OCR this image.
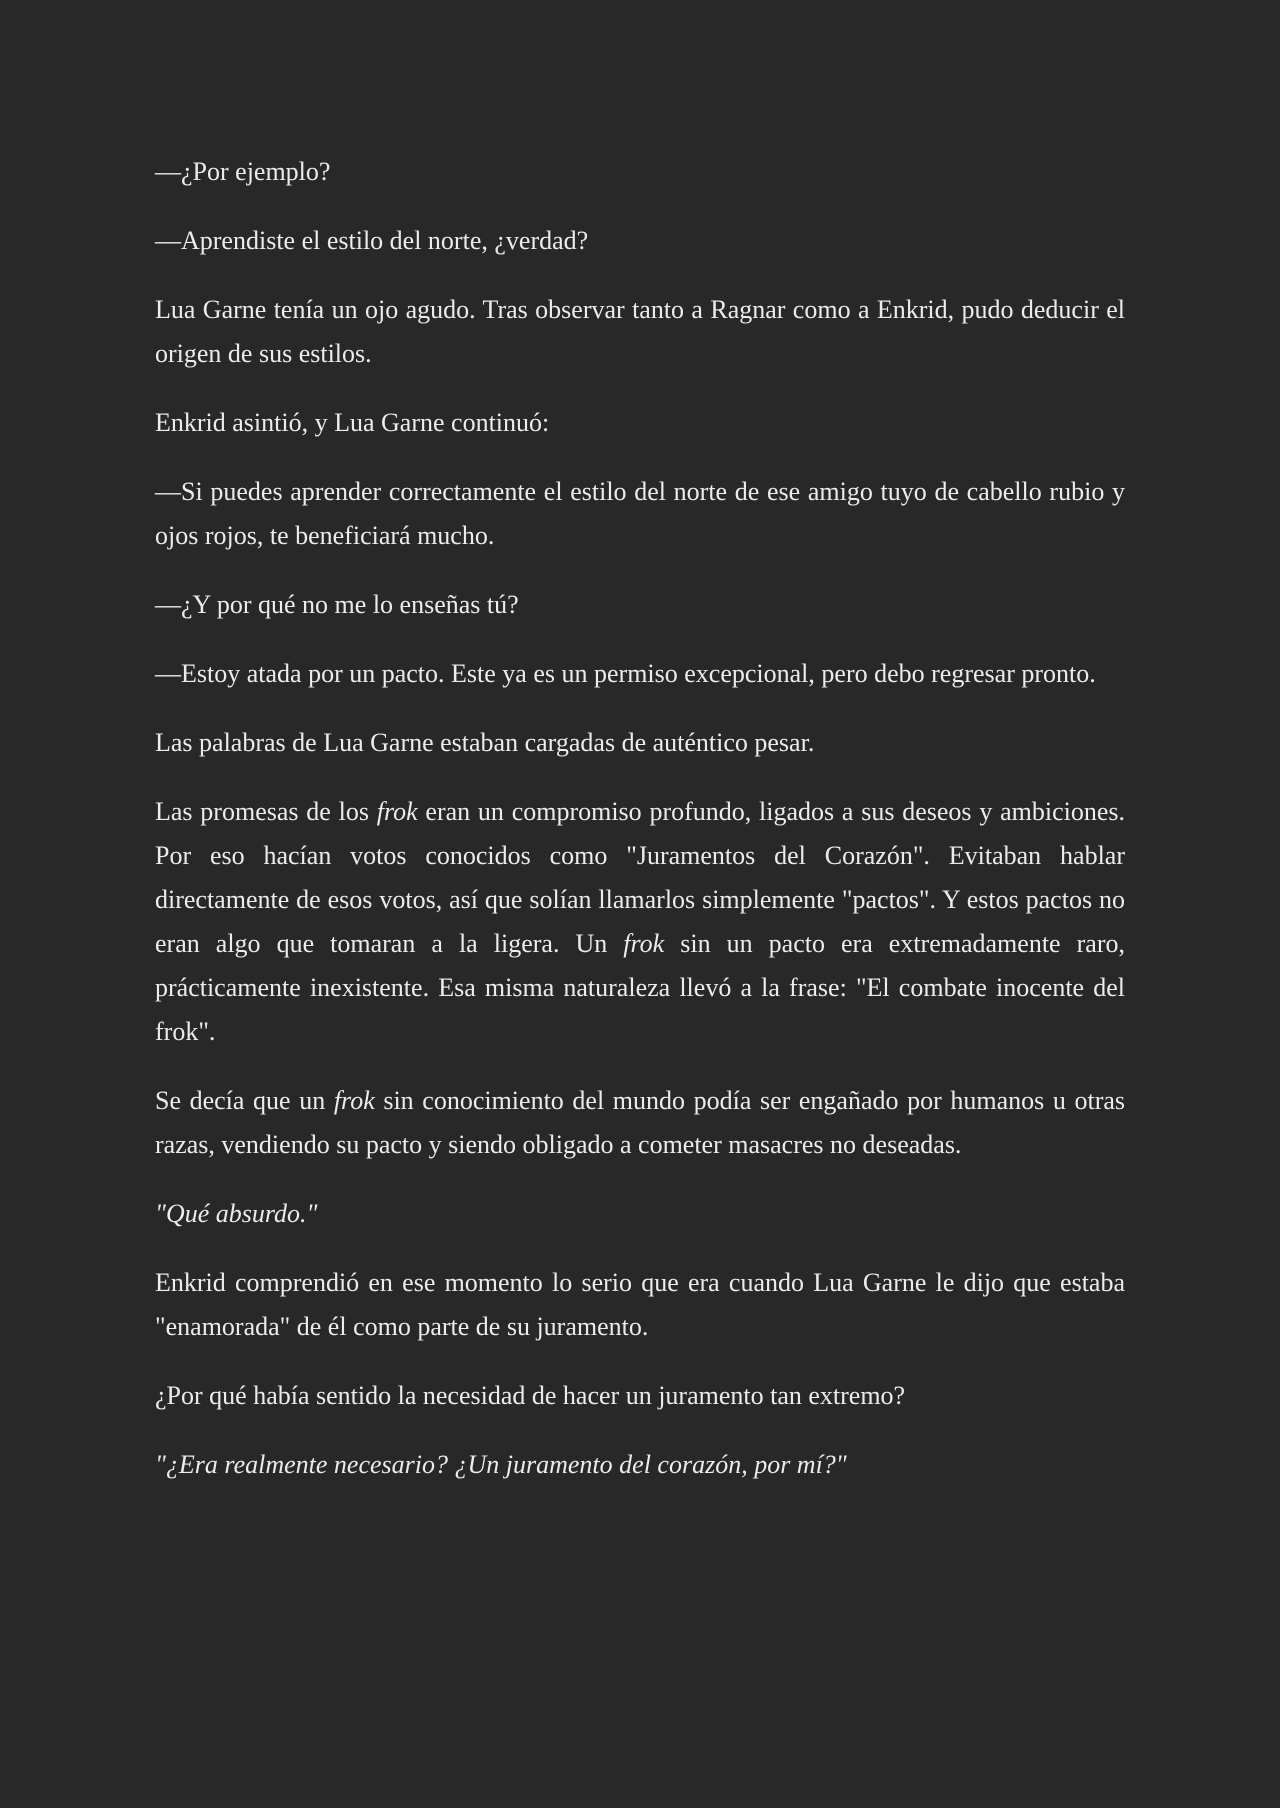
—¿Por ejemplo?

—Aprendiste el estilo del norte, ¿verdad?

Lua Garne tenía un ojo agudo. Tras observar tanto a Ragnar como a Enkrid, pudo deducir el origen de sus estilos.

Enkrid asintió, y Lua Garne continuó:

—Si puedes aprender correctamente el estilo del norte de ese amigo tuyo de cabello rubio y ojos rojos, te beneficiará mucho.

—¿Y por qué no me lo enseñas tú?

—Estoy atada por un pacto. Este ya es un permiso excepcional, pero debo regresar pronto.

Las palabras de Lua Garne estaban cargadas de auténtico pesar.

Las promesas de los frok eran un compromiso profundo, ligados a sus deseos y ambiciones. Por eso hacían votos conocidos como "Juramentos del Corazón". Evitaban hablar directamente de esos votos, así que solían llamarlos simplemente "pactos". Y estos pactos no eran algo que tomaran a la ligera. Un frok sin un pacto era extremadamente raro, prácticamente inexistente. Esa misma naturaleza llevó a la frase: "El combate inocente del frok".

Se decía que un frok sin conocimiento del mundo podía ser engañado por humanos u otras razas, vendiendo su pacto y siendo obligado a cometer masacres no deseadas.

"Qué absurdo."

Enkrid comprendió en ese momento lo serio que era cuando Lua Garne le dijo que estaba "enamorada" de él como parte de su juramento.

¿Por qué había sentido la necesidad de hacer un juramento tan extremo?

"¿Era realmente necesario? ¿Un juramento del corazón, por mí?"
